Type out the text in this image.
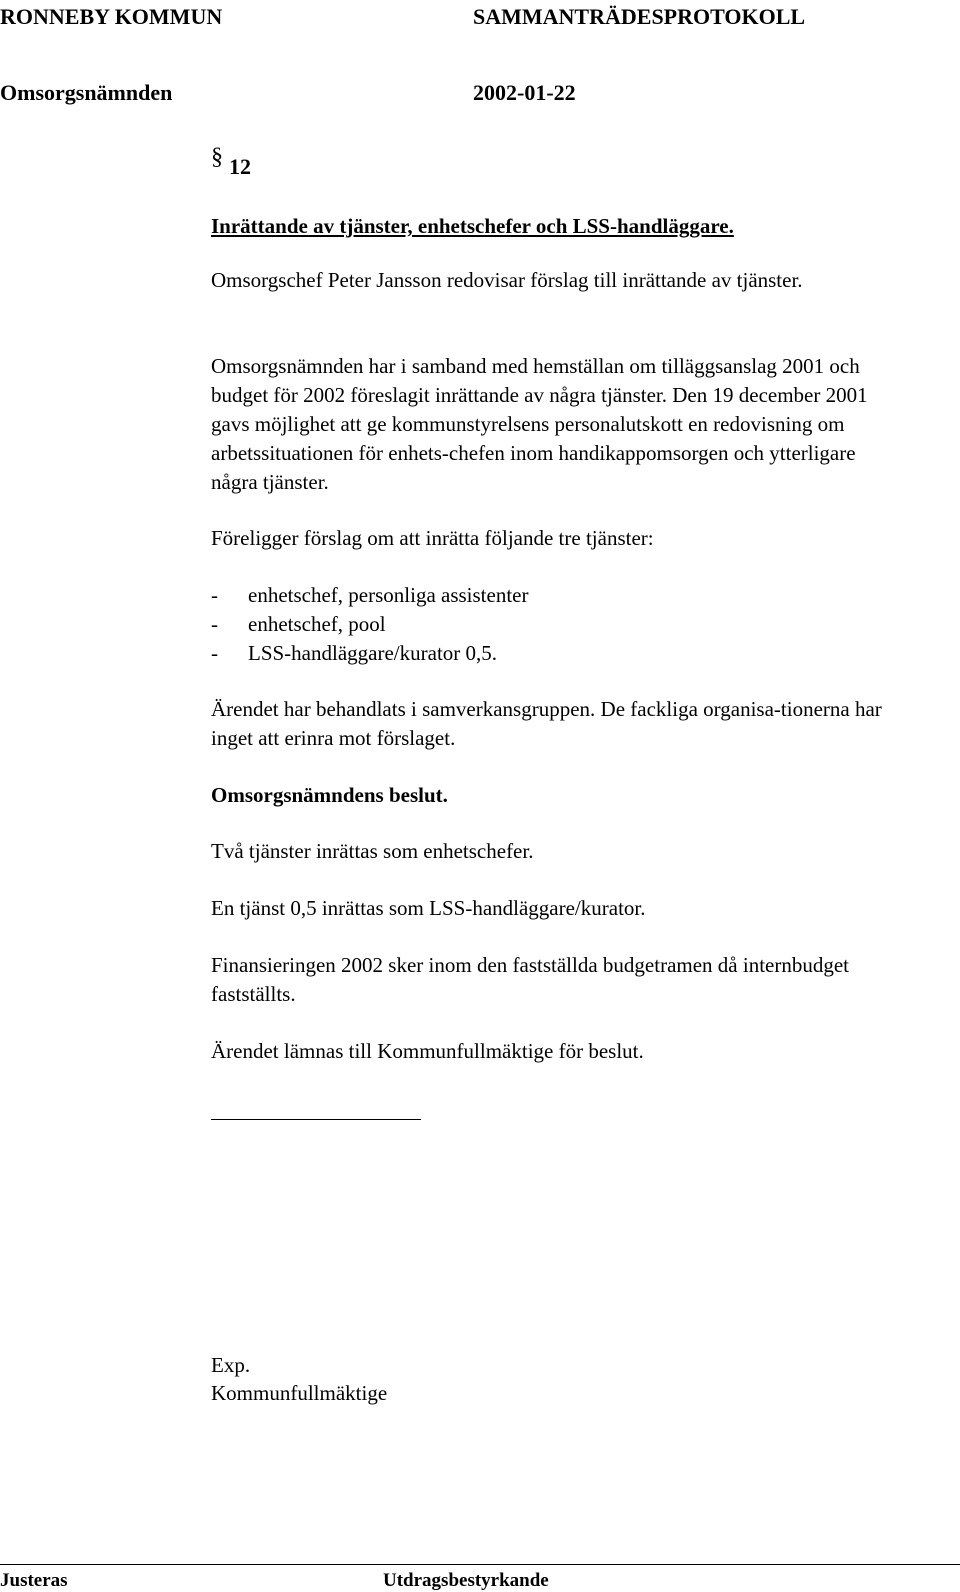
RONNEBY KOMMUN	SAMMANTRÄDESPROTOKOLL
Omsorgsnämnden	2002-01-22
§ 12
Inrättande av tjänster, enhetschefer och LSS-handläggare.

Omsorgschef Peter Jansson redovisar förslag till inrättande av tjänster.

Omsorgsnämnden har i samband med hemställan om tilläggsanslag 2001 och budget för 2002 föreslagit inrättande av några tjänster. Den 19 december 2001 gavs möjlighet att ge kommunstyrelsens personalutskott en redovisning om arbetssituationen för enhets-chefen inom handikappomsorgen och ytterligare några tjänster.

Föreligger förslag om att inrätta följande tre tjänster:

- enhetschef, personliga assistenter
- enhetschef, pool
- LSS-handläggare/kurator 0,5.

Ärendet har behandlats i samverkansgruppen. De fackliga organisa-tionerna har inget att erinra mot förslaget.

Omsorgsnämndens beslut.
Två tjänster inrättas som enhetschefer.
En tjänst 0,5 inrättas som LSS-handläggare/kurator.
Finansieringen 2002 sker inom den fastställda budgetramen då internbudget fastställts.
Ärendet lämnas till Kommunfullmäktige för beslut.
Exp.
Kommunfullmäktige
Justeras	Utdragsbestyrkande
